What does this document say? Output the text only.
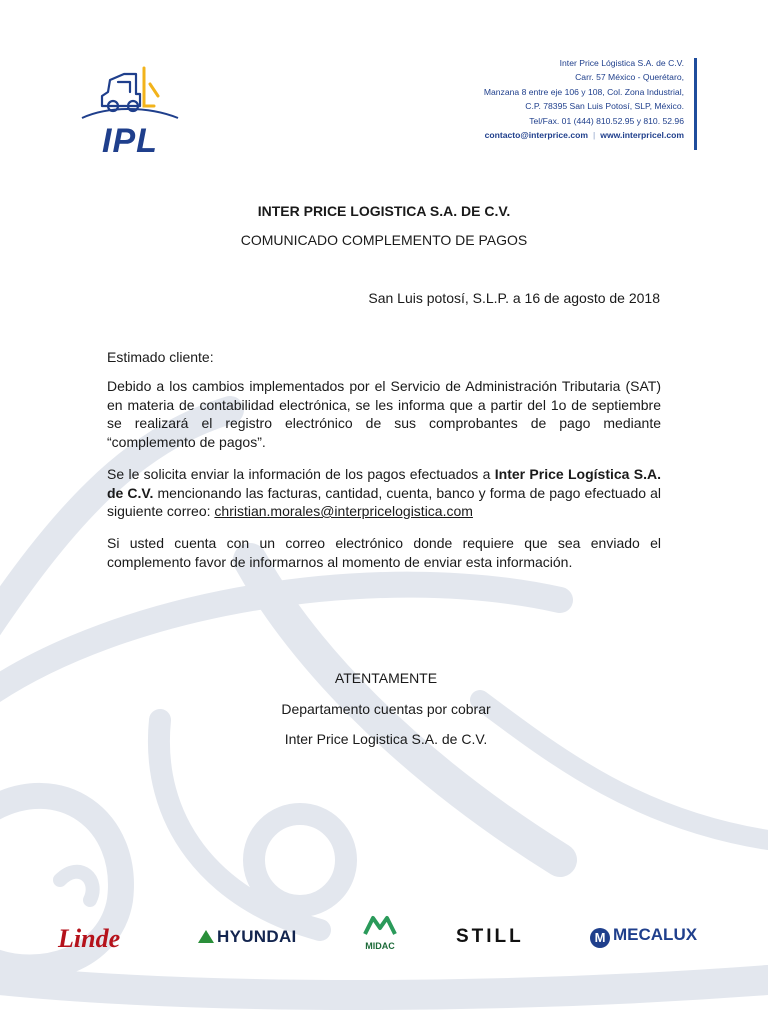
IPL
Inter Price Lógistica S.A. de C.V.
Carr. 57 México - Querétaro,
Manzana 8 entre eje 106 y 108, Col. Zona Industrial,
C.P. 78395 San Luis Potosí, SLP, México.
Tel/Fax. 01 (444) 810.52.95 y 810. 52.96
contacto@interprice.com | www.interpricel.com
INTER PRICE LOGISTICA S.A. DE C.V.
COMUNICADO COMPLEMENTO DE PAGOS
San Luis potosí, S.L.P. a 16 de agosto de 2018
Estimado cliente:
Debido a los cambios implementados por el Servicio de Administración Tributaria (SAT) en materia de contabilidad electrónica, se les informa que a partir del 1o de septiembre se realizará el registro electrónico de sus comprobantes de pago mediante “complemento de pagos”.
Se le solicita enviar la información de los pagos efectuados a Inter Price Logística S.A. de C.V. mencionando las facturas, cantidad, cuenta, banco y forma de pago efectuado al siguiente correo: christian.morales@interpricelogistica.com
Si usted cuenta con un correo electrónico donde requiere que sea enviado el complemento favor de informarnos al momento de enviar esta información.
ATENTAMENTE
Departamento cuentas por cobrar
Inter Price Logistica S.A. de C.V.
Linde	HYUNDAI	MIDAC	STILL	M MECALUX
